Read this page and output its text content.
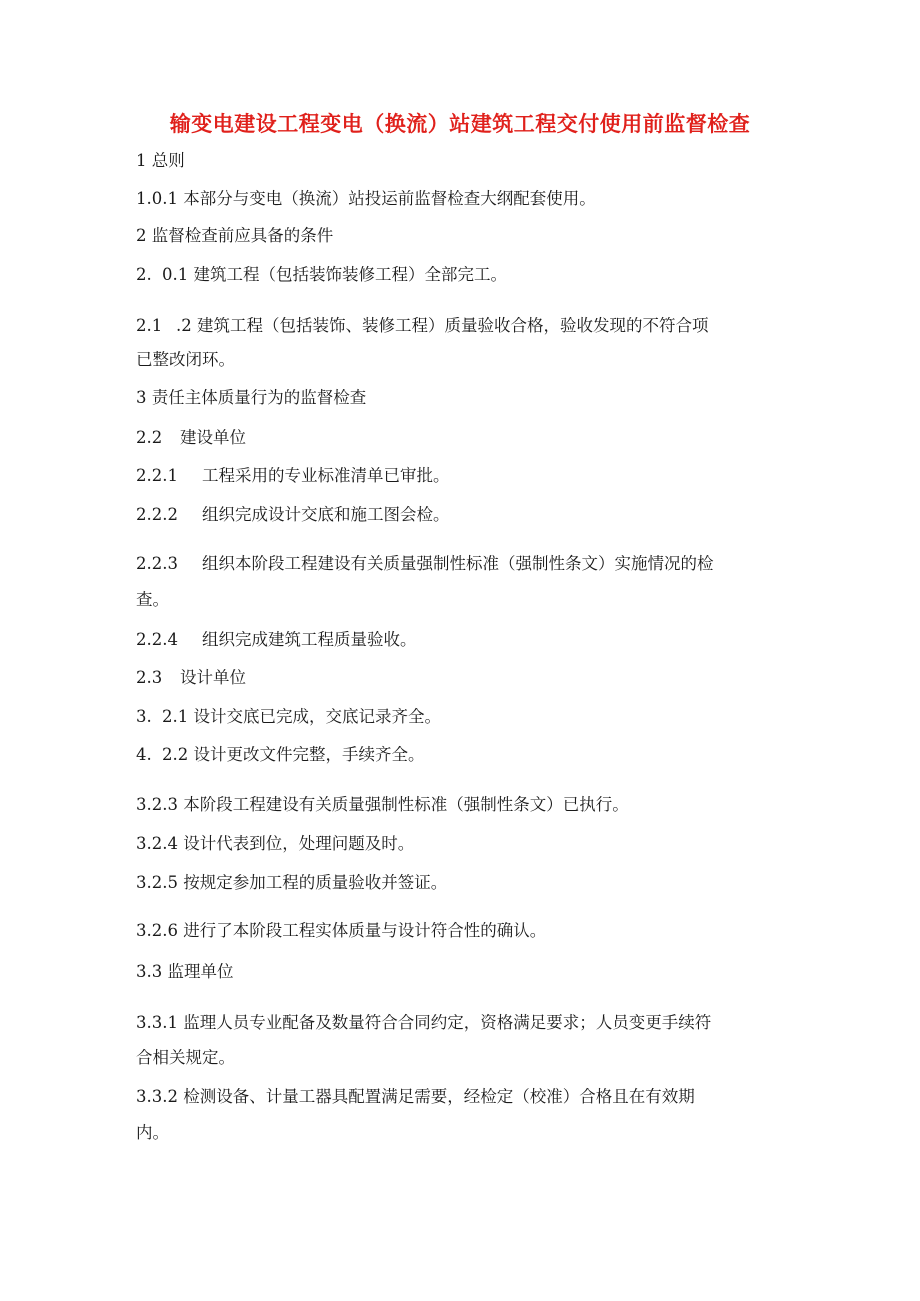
输变电建设工程变电（换流）站建筑工程交付使用前监督检查
1 总则
1.0.1 本部分与变电（换流）站投运前监督检查大纲配套使用。
2 监督检查前应具备的条件
2. 0.1 建筑工程（包括装饰装修工程）全部完工。
2.1 .2 建筑工程（包括装饰、装修工程）质量验收合格，验收发现的不符合项
已整改闭环。
3 责任主体质量行为的监督检查
2.2 建设单位
2.2.1 工程采用的专业标准清单已审批。
2.2.2 组织完成设计交底和施工图会检。
2.2.3 组织本阶段工程建设有关质量强制性标准（强制性条文）实施情况的检
查。
2.2.4 组织完成建筑工程质量验收。
2.3 设计单位
3. 2.1 设计交底已完成，交底记录齐全。
4. 2.2 设计更改文件完整，手续齐全。
3.2.3 本阶段工程建设有关质量强制性标准（强制性条文）已执行。
3.2.4 设计代表到位，处理问题及时。
3.2.5 按规定参加工程的质量验收并签证。
3.2.6 进行了本阶段工程实体质量与设计符合性的确认。
3.3 监理单位
3.3.1 监理人员专业配备及数量符合合同约定，资格满足要求；人员变更手续符
合相关规定。
3.3.2 检测设备、计量工器具配置满足需要，经检定（校准）合格且在有效期
内。
